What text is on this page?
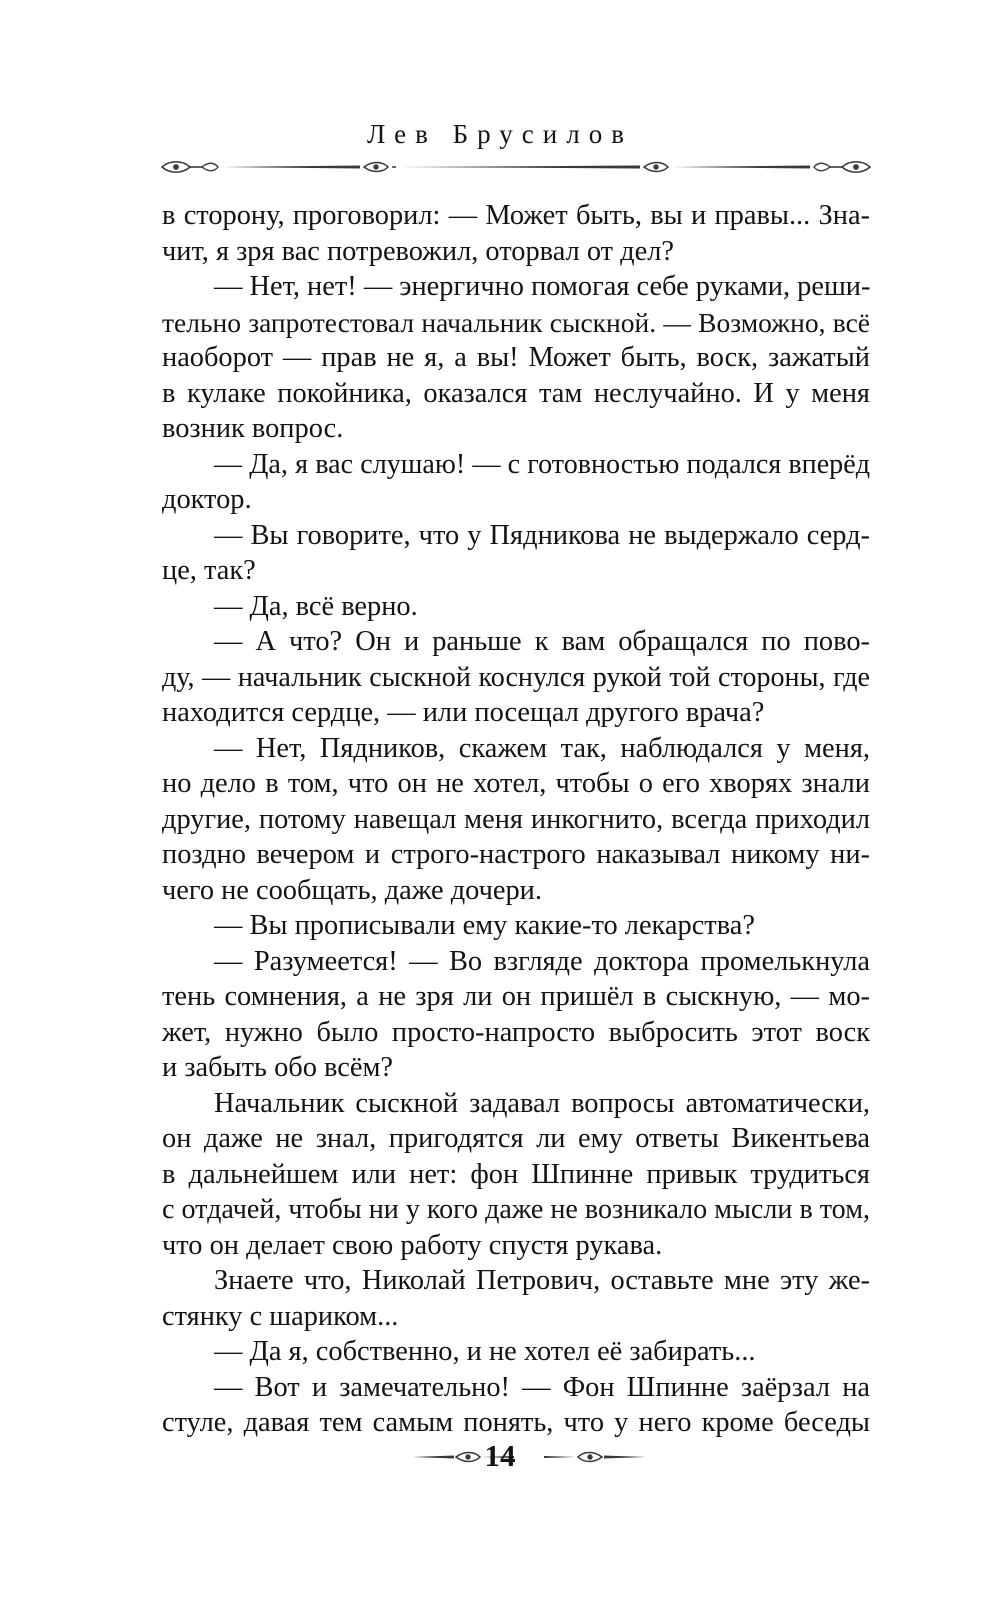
Лев Брусилов
в сторону, проговорил: — Может быть, вы и правы... Зна-
чит, я зря вас потревожил, оторвал от дел?
— Нет, нет! — энергично помогая себе руками, реши-
тельно запротестовал начальник сыскной. — Возможно, всё
наоборот — прав не я, а вы! Может быть, воск, зажатый
в кулаке покойника, оказался там неслучайно. И у меня
возник вопрос.
— Да, я вас слушаю! — с готовностью подался вперёд
доктор.
— Вы говорите, что у Пядникова не выдержало серд-
це, так?
— Да, всё верно.
— А что? Он и раньше к вам обращался по пово-
ду, — начальник сыскной коснулся рукой той стороны, где
находится сердце, — или посещал другого врача?
— Нет, Пядников, скажем так, наблюдался у меня,
но дело в том, что он не хотел, чтобы о его хворях знали
другие, потому навещал меня инкогнито, всегда приходил
поздно вечером и строго-настрого наказывал никому ни-
чего не сообщать, даже дочери.
— Вы прописывали ему какие-то лекарства?
— Разумеется! — Во взгляде доктора промелькнула
тень сомнения, а не зря ли он пришёл в сыскную, — мо-
жет, нужно было просто-напросто выбросить этот воск
и забыть обо всём?
Начальник сыскной задавал вопросы автоматически,
он даже не знал, пригодятся ли ему ответы Викентьева
в дальнейшем или нет: фон Шпинне привык трудиться
с отдачей, чтобы ни у кого даже не возникало мысли в том,
что он делает свою работу спустя рукава.
Знаете что, Николай Петрович, оставьте мне эту же-
стянку с шариком...
— Да я, собственно, и не хотел её забирать...
— Вот и замечательно! — Фон Шпинне заёрзал на
стуле, давая тем самым понять, что у него кроме беседы
14
